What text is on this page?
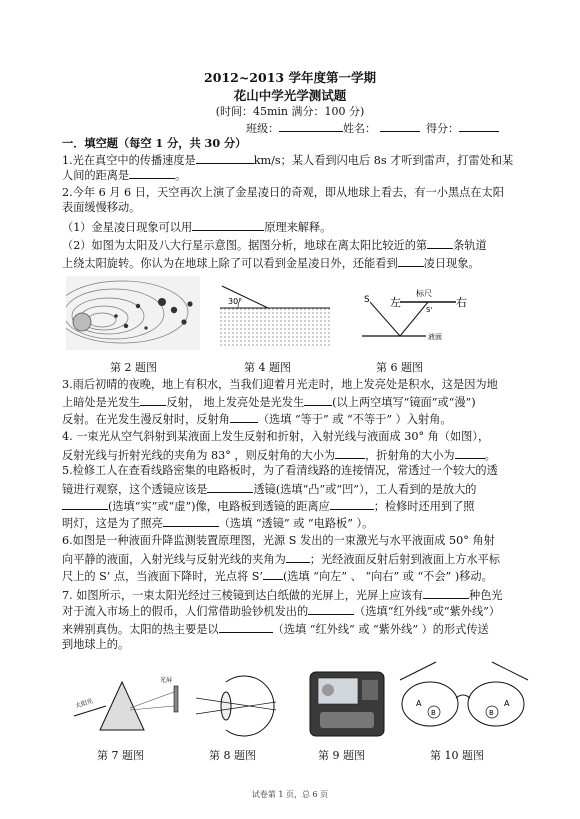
2012~2013 学年度第一学期
花山中学光学测试题
(时间：45min 满分：100 分)
班级：	姓名：	得分：
一．填空题（每空 1 分，共 30 分）
1.光在真空中的传播速度是	km/s；某人看到闪电后 8s 才听到雷声，打雷处和某
人间的距离是	。
2.今年 6 月 6 日，天空再次上演了金星凌日的奇观，即从地球上看去，有一小黑点在太阳
表面缓慢移动。
（1）金星凌日现象可以用	原理来解释。
（2）如图为太阳及八大行星示意图。据图分析，地球在离太阳比较近的第 条轨道
上绕太阳旋转。你认为在地球上除了可以看到金星凌日外，还能看到 凌日现象。
第 2 题图
30°
第 4 题图
标尺
左	右
S
S'
液面
第 6 题图
3.雨后初晴的夜晚，地上有积水，当我们迎着月光走时，地上发亮处是积水，这是因为地
上暗处是光发生 反射， 地上发亮处是光发生	(以上两空填写“镜面”或“漫”)
反射。在光发生漫反射时，反射角	（选填 “等于” 或 “不等于” ）入射角。
4. 一束光从空气斜射到某液面上发生反射和折射，入射光线与液面成 30° 角（如图），
反射光线与折射光线的夹角为 83° ，则反射角的大小为	，折射角的大小为	。
5.检修工人在查看线路密集的电路板时，为了看清线路的连接情况，常透过一个较大的透
镜进行观察，这个透镜应该是	透镜(选填“凸”或“凹”），工人看到的是放大的
(选填“实”或“虚”)像，电路板到透镜的距离应	；检修时还用到了照
明灯，这是为了照亮	（选填 “透镜” 或 “电路板” ）。
6.如图是一种液面升降监测装置原理图，光源 S 发出的一束激光与水平液面成 50° 角射
向平静的液面，入射光线与反射光线的夹角为 ；光经液面反射后射到液面上方水平标
尺上的 S’ 点，当液面下降时，光点将 S’ (选填 “向左” 、 “向右” 或 “不会” )移动。
7. 如图所示，一束太阳光经过三棱镜到达白纸做的光屏上，光屏上应该有	种色光
对于流入市场上的假币，人们常借助验钞机发出的	（选填“红外线”或“紫外线”）
来辨别真伪。太阳的热主要是以	（选填 “红外线” 或 “紫外线” ）的形式传送
到地球上的。
太阳光
光屏
第 7 题图	第 8 题图	第 9 题图
A
B	B
A
第 10 题图
试卷第 1 页，总 6 页
